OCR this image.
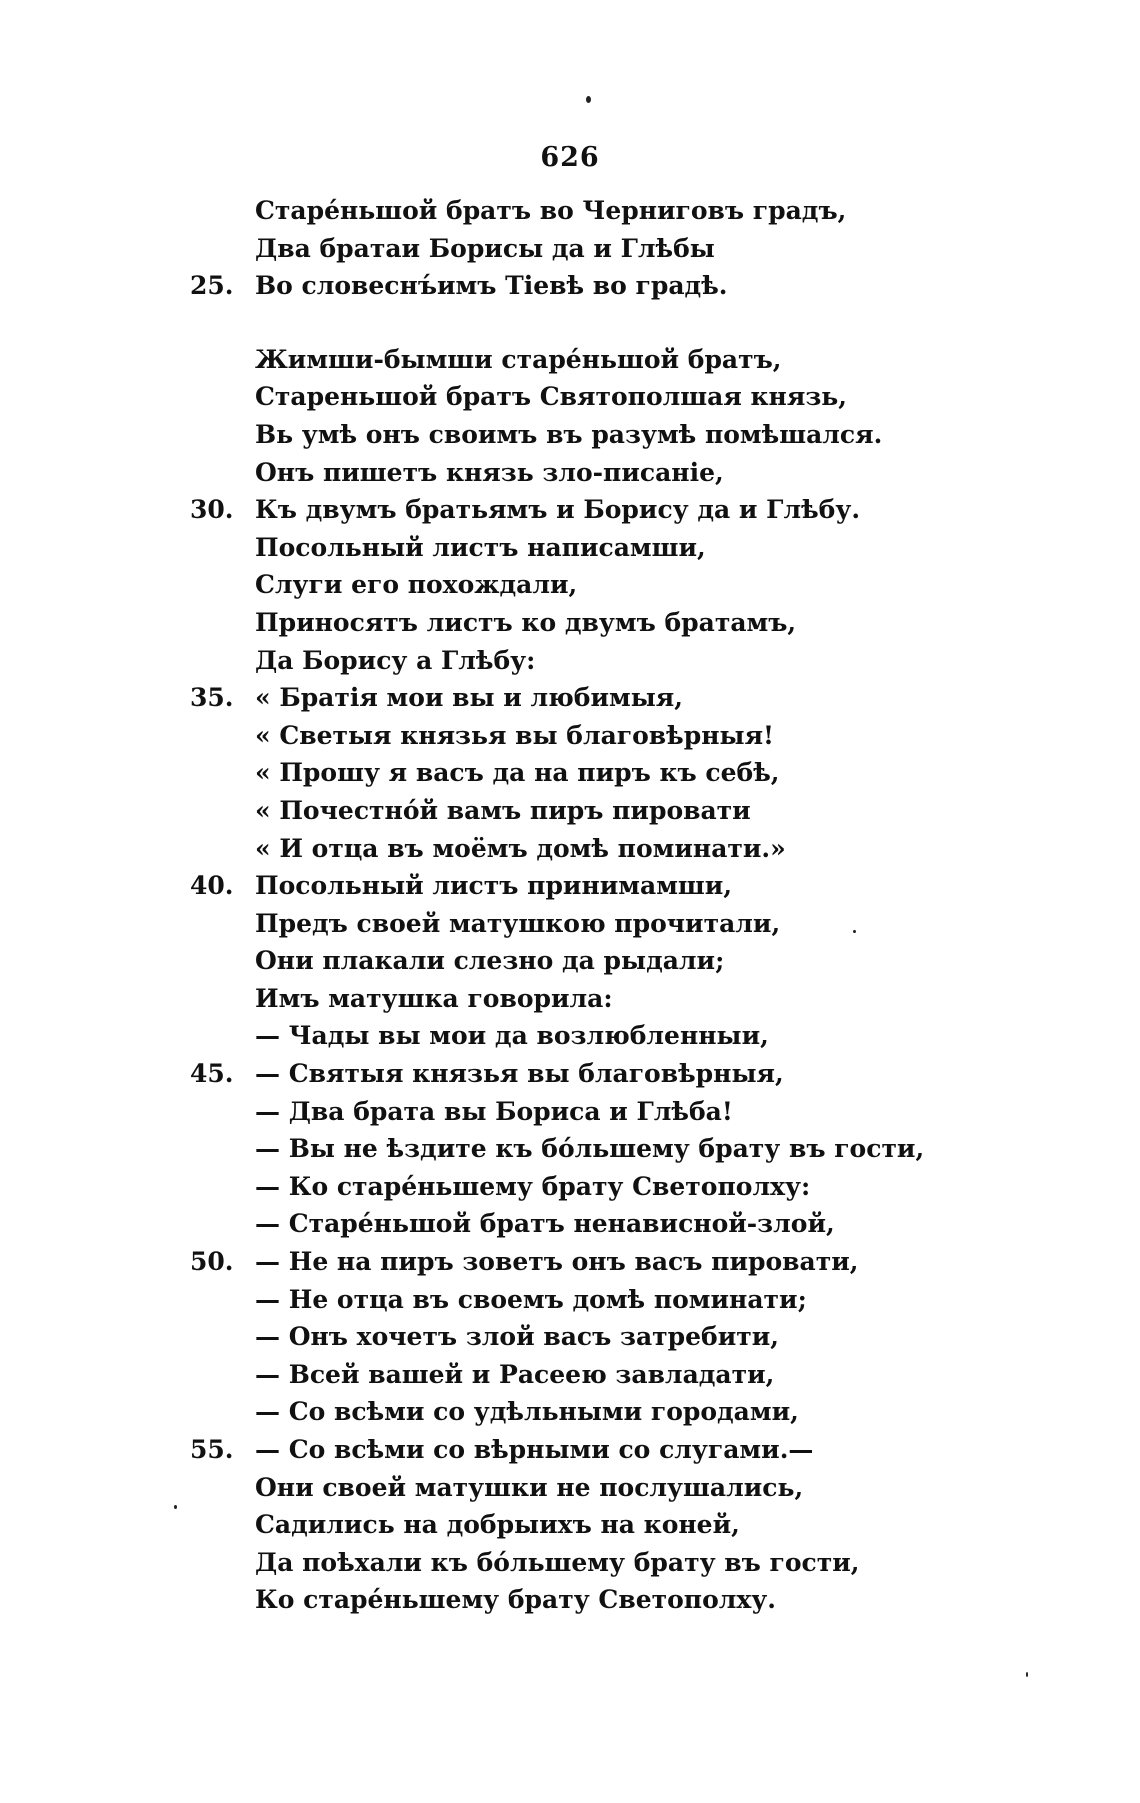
626
Старе́ньшой братъ во Черниговъ градъ,
Два братаи Борисы да и Глѣбы
25. Во словеснъ́имъ Тіевѣ во градѣ.
Жимши-бымши старе́ньшой братъ,
Стареньшой братъ Святополшая князь,
Вь умѣ онъ своимъ въ разумѣ помѣшался.
Онъ пишетъ князь зло-писаніе,
30. Къ двумъ братьямъ и Борису да и Глѣбу.
Посольный листъ написамши,
Слуги его похождали,
Приносятъ листъ ко двумъ братамъ,
Да Борису а Глѣбу:
35. « Братія мои вы и любимыя,
« Светыя князья вы благовѣрныя!
« Прошу я васъ да на пиръ къ себѣ,
« Почестно́й вамъ пиръ пировати
« И отца въ моёмъ домѣ поминати.»
40. Посольный листъ принимамши,
Предъ своей матушкою прочитали,
Они плакали слезно да рыдали;
Имъ матушка говорила:
— Чады вы мои да возлюбленныи,
45. — Святыя князья вы благовѣрныя,
— Два брата вы Бориса и Глѣба!
— Вы не ѣздите къ бо́льшему брату въ гости,
— Ко старе́ньшему брату Светополху:
— Старе́ньшой братъ ненависной-злой,
50. — Не на пиръ зоветъ онъ васъ пировати,
— Не отца въ своемъ домѣ поминати;
— Онъ хочетъ злой васъ затребити,
— Всей вашей и Расеею завладати,
— Со всѣми со удѣльными городами,
55. — Со всѣми со вѣрными со слугами.—
Они своей матушки не послушались,
Садились на добрыихъ на коней,
Да поѣхали къ бо́льшему брату въ гости,
Ко старе́ньшему брату Светополху.
